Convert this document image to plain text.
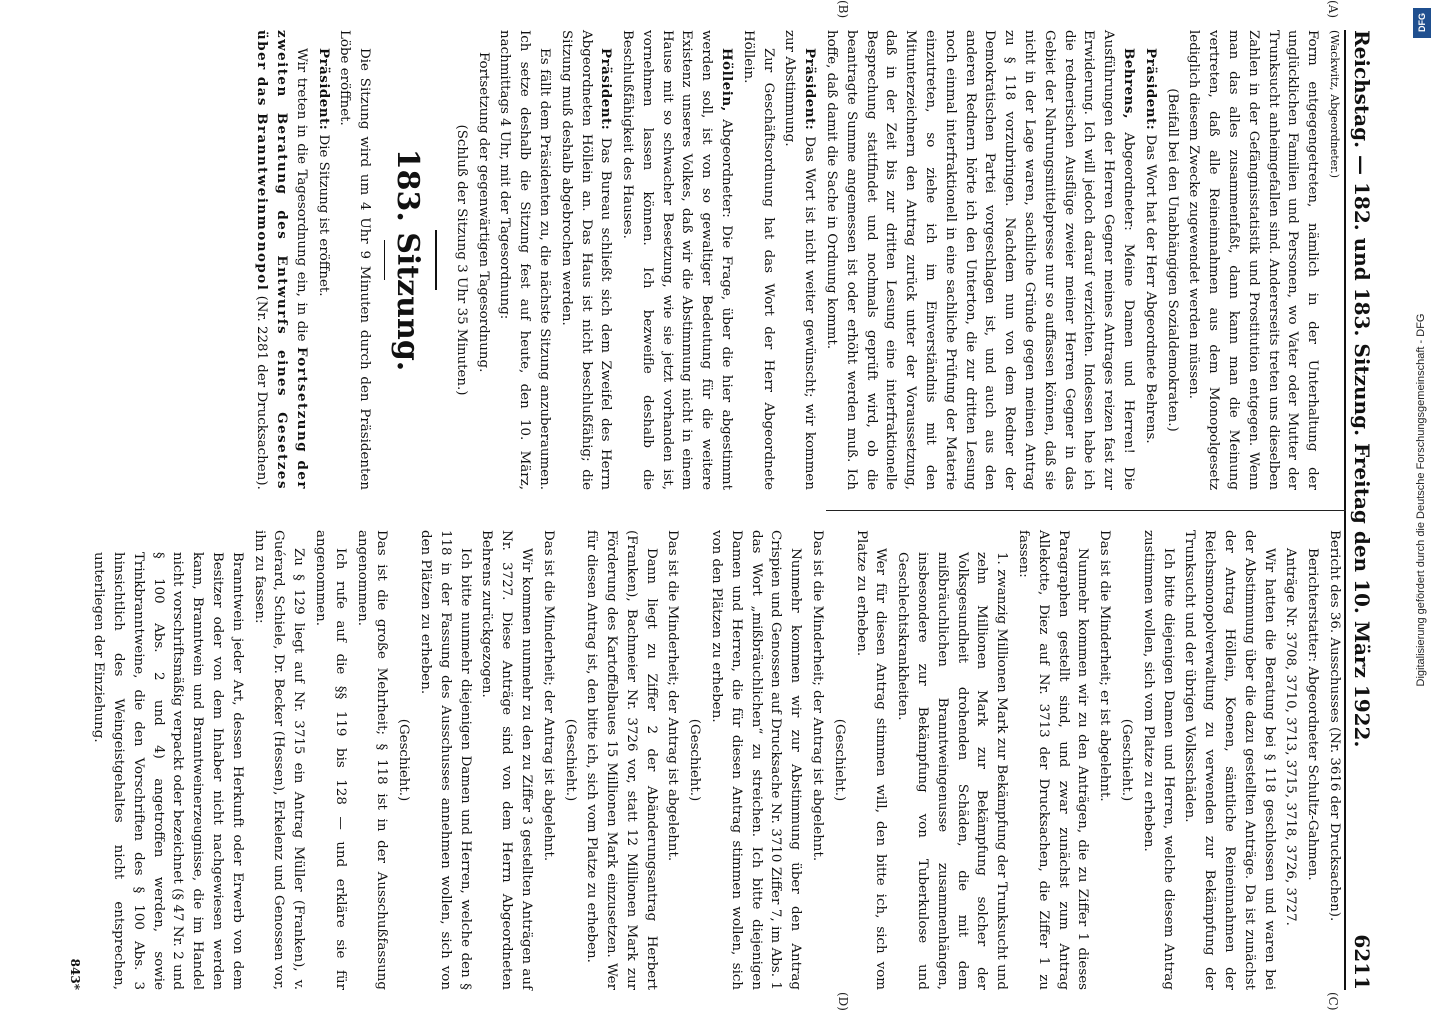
Reichstag. — 182. und 183. Sitzung. Freitag den 10. März 1922.
6211
(A)
(B)
(C)
(D)

(Wackwitz, Abgeordneter.)

Form entgegengetreten, nämlich in der Unterhaltung der unglücklichen Familien und Personen, wo Vater oder Mutter der Trunksucht anheimgefallen sind. Andererseits treten uns dieselben Zahlen in der Gefängnisstatistik und Prostitution entgegen. Wenn man das alles zusammenfaßt, dann kann man die Meinung vertreten, daß alle Reineinnahmen aus dem Monopolgesetz lediglich diesem Zwecke zugewendet werden müssen.

(Beifall bei den Unabhängigen Sozialdemokraten.)

Präsident: Das Wort hat der Herr Abgeordnete Behrens.

Behrens, Abgeordneter: Meine Damen und Herren! Die Ausführungen der Herren Gegner meines Antrages reizen fast zur Erwiderung. Ich will jedoch darauf verzichten. Indessen habe ich die rednerischen Ausflüge zweier meiner Herren Gegner in das Gebiet der Nahrungsmittelpresse nur so auffassen können, daß sie nicht in der Lage waren, sachliche Gründe gegen meinen Antrag zu § 118 vorzubringen. Nachdem nun von dem Redner der Demokratischen Partei vorgeschlagen ist, und auch aus den anderen Rednern hörte ich den Unterton, die zur dritten Lesung noch einmal interfraktionell in eine sachliche Prüfung der Materie einzutreten, so ziehe ich im Einverständnis mit den Mitunterzeichnern den Antrag zurück unter der Voraussetzung, daß in der Zeit bis zur dritten Lesung eine interfraktionelle Besprechung stattfindet und nochmals geprüft wird, ob die beantragte Summe angemessen ist oder erhöht werden muß. Ich hoffe, daß damit die Sache in Ordnung kommt.

Präsident: Das Wort ist nicht weiter gewünscht; wir kommen zur Abstimmung.

Zur Geschäftsordnung hat das Wort der Herr Abgeordnete Höllein.

Höllein, Abgeordneter: Die Frage, über die hier abgestimmt werden soll, ist von so gewaltiger Bedeutung für die weitere Existenz unseres Volkes, daß wir die Abstimmung nicht in einem Hause mit so schwacher Besetzung, wie sie jetzt vorhanden ist, vornehmen lassen können. Ich bezweifle deshalb die Beschlußfähigkeit des Hauses.

Präsident: Das Bureau schließt sich dem Zweifel des Herrn Abgeordneten Höllein an. Das Haus ist nicht beschlußfähig; die Sitzung muß deshalb abgebrochen werden.

Es fällt dem Präsidenten zu, die nächste Sitzung anzuberaumen. Ich setze deshalb die Sitzung fest auf heute, den 10. März, nachmittags 4 Uhr, mit der Tagesordnung:

Fortsetzung der gegenwärtigen Tagesordnung.

(Schluß der Sitzung 3 Uhr 35 Minuten.)

183. Sitzung.

Die Sitzung wird um 4 Uhr 9 Minuten durch den Präsidenten Löbe eröffnet.

Präsident: Die Sitzung ist eröffnet.

Wir treten in die Tagesordnung ein, in die Fortsetzung der zweiten Beratung des Entwurfs eines Gesetzes über das Branntweinmonopol (Nr. 2281 der Drucksachen).

Bericht des 36. Ausschusses (Nr. 3616 der Drucksachen).

Berichterstatter: Abgeordneter Schultz-Gahmen.

Anträge Nr. 3708, 3710, 3713, 3715, 3718, 3726, 3727.

Wir hatten die Beratung bei § 118 geschlossen und waren bei der Abstimmung über die dazu gestellten Anträge. Da ist zunächst der Antrag Höllein, Koenen, sämtliche Reineinnahmen der Reichsmonopolverwaltung zu verwenden zur Bekämpfung der Trunksucht und der übrigen Volksschäden.

Ich bitte diejenigen Damen und Herren, welche diesem Antrag zustimmen wollen, sich vom Platze zu erheben.

(Geschieht.)

Das ist die Minderheit; er ist abgelehnt.

Nunmehr kommen wir zu den Anträgen, die zu Ziffer 1 dieses Paragraphen gestellt sind, und zwar zunächst zum Antrag Allekotte, Diez auf Nr. 3713 der Drucksachen, die Ziffer 1 zu fassen:

1. zwanzig Millionen Mark zur Bekämpfung der Trunksucht und zehn Millionen Mark zur Bekämpfung solcher der Volksgesundheit drohenden Schäden, die mit dem mißbräuchlichen Branntweingenusse zusammenhängen, insbesondere zur Bekämpfung von Tuberkulose und Geschlechtskrankheiten.

Wer für diesen Antrag stimmen will, den bitte ich, sich vom Platze zu erheben.

(Geschieht.)

Das ist die Minderheit; der Antrag ist abgelehnt.

Nunmehr kommen wir zur Abstimmung über den Antrag Crispien und Genossen auf Drucksache Nr. 3710 Ziffer 7, im Abs. 1 das Wort „mißbräuchlichen“ zu streichen. Ich bitte diejenigen Damen und Herren, die für diesen Antrag stimmen wollen, sich von den Plätzen zu erheben.

(Geschieht.)

Das ist die Minderheit; der Antrag ist abgelehnt.

Dann liegt zu Ziffer 2 der Abänderungsantrag Herbert (Franken), Bachmeier Nr. 3726 vor, statt 12 Millionen Mark zur Förderung des Kartoffelbaues 15 Millionen Mark einzusetzen. Wer für diesen Antrag ist, den bitte ich, sich vom Platze zu erheben.

(Geschieht.)

Das ist die Minderheit; der Antrag ist abgelehnt.

Wir kommen nunmehr zu den zu Ziffer 3 gestellten Anträgen auf Nr. 3727. Diese Anträge sind von dem Herrn Abgeordneten Behrens zurückgezogen.

Ich bitte nunmehr diejenigen Damen und Herren, welche den § 118 in der Fassung des Ausschusses annehmen wollen, sich von den Plätzen zu erheben.

(Geschieht.)

Das ist die große Mehrheit; § 118 ist in der Ausschußfassung angenommen.

Ich rufe auf die §§ 119 bis 128 — und erkläre sie für angenommen.

Zu § 129 liegt auf Nr. 3715 ein Antrag Müller (Franken), v. Guérard, Schiele, Dr. Becker (Hessen), Erkelenz und Genossen vor, ihn zu fassen:

Branntwein jeder Art, dessen Herkunft oder Erwerb von dem Besitzer oder von dem Inhaber nicht nachgewiesen werden kann, Branntwein und Branntweinerzeugnisse, die im Handel nicht vorschriftsmäßig verpackt oder bezeichnet (§ 47 Nr. 2 und § 100 Abs. 2 und 4) angetroffen werden, sowie Trinkbranntweine, die den Vorschriften des § 100 Abs. 3 hinsichtlich des Weingeistgehaltes nicht entsprechen, unterliegen der Einziehung.

843*

DFG
Digitalisierung gefördert durch die Deutsche Forschungsgemeinschaft - DFG
